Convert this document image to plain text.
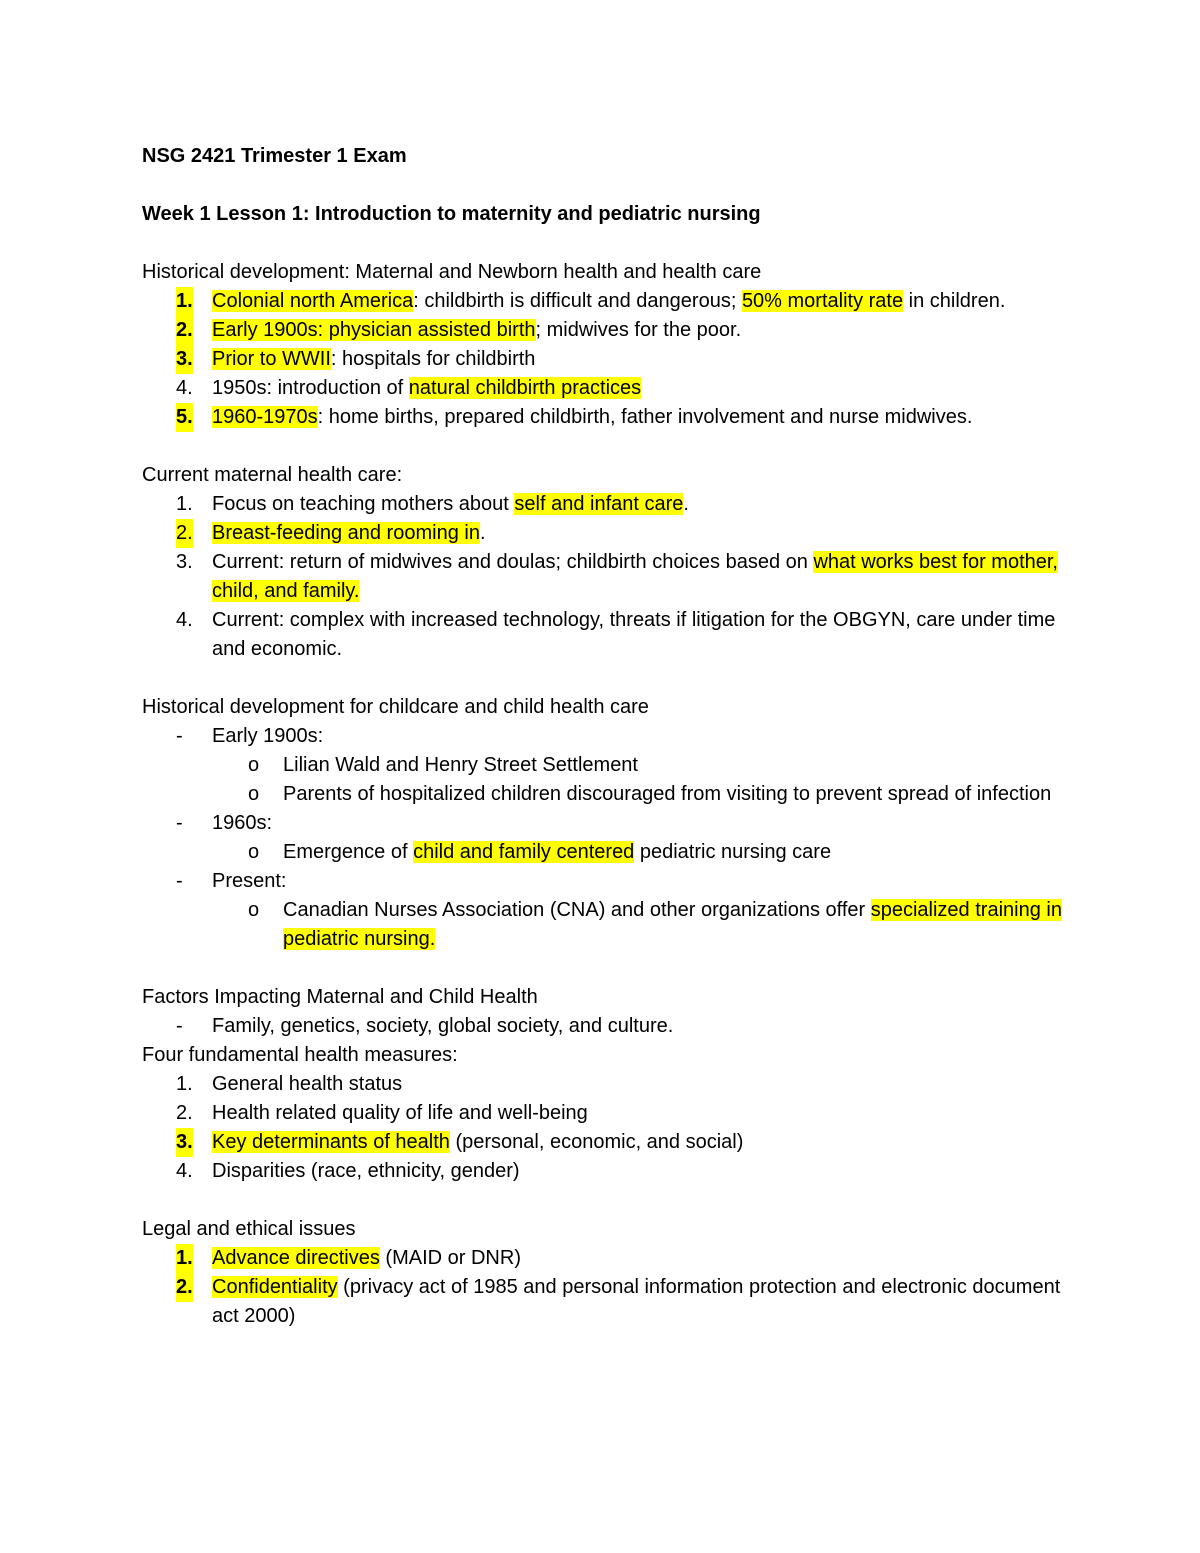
NSG 2421 Trimester 1 Exam
Week 1 Lesson 1: Introduction to maternity and pediatric nursing
Historical development: Maternal and Newborn health and health care
1. Colonial north America: childbirth is difficult and dangerous; 50% mortality rate in children.
2. Early 1900s: physician assisted birth; midwives for the poor.
3. Prior to WWII: hospitals for childbirth
4. 1950s: introduction of natural childbirth practices
5. 1960-1970s: home births, prepared childbirth, father involvement and nurse midwives.
Current maternal health care:
1. Focus on teaching mothers about self and infant care.
2. Breast-feeding and rooming in.
3. Current: return of midwives and doulas; childbirth choices based on what works best for mother, child, and family.
4. Current: complex with increased technology, threats if litigation for the OBGYN, care under time and economic.
Historical development for childcare and child health care
- Early 1900s:
o Lilian Wald and Henry Street Settlement
o Parents of hospitalized children discouraged from visiting to prevent spread of infection
- 1960s:
o Emergence of child and family centered pediatric nursing care
- Present:
o Canadian Nurses Association (CNA) and other organizations offer specialized training in pediatric nursing.
Factors Impacting Maternal and Child Health
- Family, genetics, society, global society, and culture.
Four fundamental health measures:
1. General health status
2. Health related quality of life and well-being
3. Key determinants of health (personal, economic, and social)
4. Disparities (race, ethnicity, gender)
Legal and ethical issues
1. Advance directives (MAID or DNR)
2. Confidentiality (privacy act of 1985 and personal information protection and electronic document act 2000)
